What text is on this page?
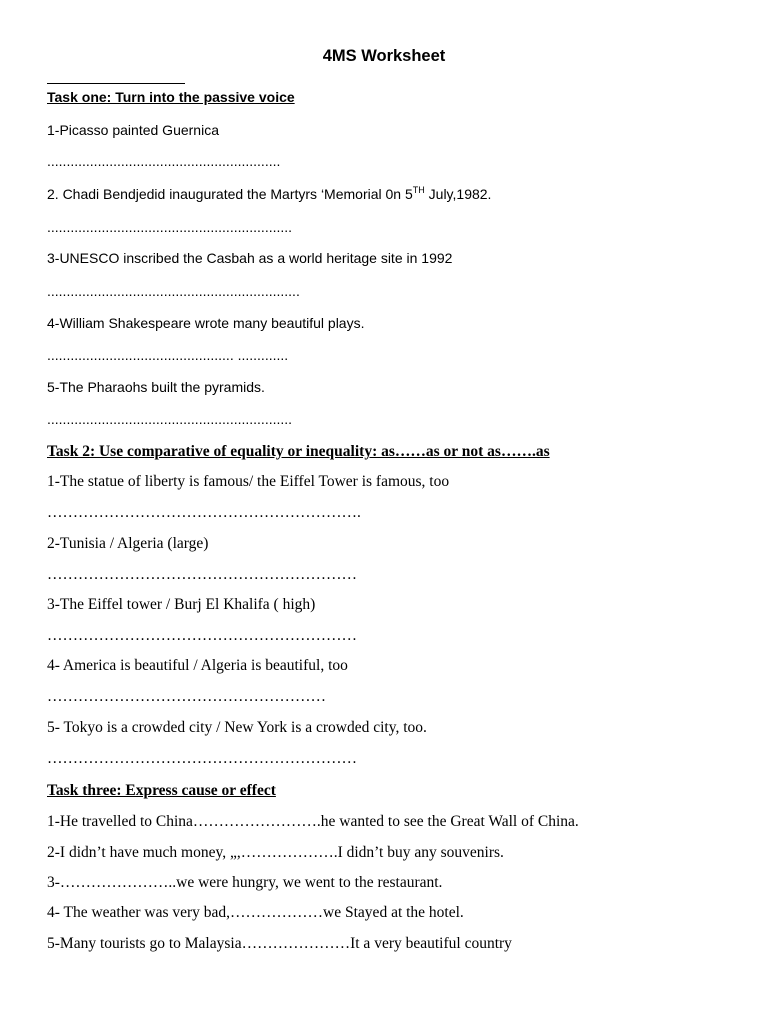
4MS Worksheet
Task one: Turn into the passive voice
1-Picasso painted Guernica
............................................................
2. Chadi Bendjedid inaugurated the Martyrs ‘Memorial 0n 5TH July,1982.
...............................................................
3-UNESCO inscribed the Casbah as a world heritage site in 1992
.................................................................
4-William Shakespeare wrote many beautiful plays.
................................................ .............
5-The Pharaohs built the pyramids.
...............................................................
Task 2: Use comparative of equality or inequality: as……as or not as…….as
1-The statue of liberty is famous/ the Eiffel Tower is famous, too
…………………………………………………….
2-Tunisia / Algeria (large)
……………………………………………………
3-The Eiffel tower / Burj El Khalifa ( high)
……………………………………………………
4- America is beautiful / Algeria is beautiful, too
………………………………………………
5- Tokyo is a crowded city / New York is a crowded city, too.
……………………………………………………
Task three: Express cause or effect
1-He travelled to China…………………….he wanted to see the Great Wall of China.
2-I didn’t have much money, „,……………….I didn’t buy any souvenirs.
3-…………………..we were hungry, we went to the restaurant.
4- The weather was very bad,………………we Stayed at the hotel.
5-Many tourists go to Malaysia…………………It a very beautiful country
